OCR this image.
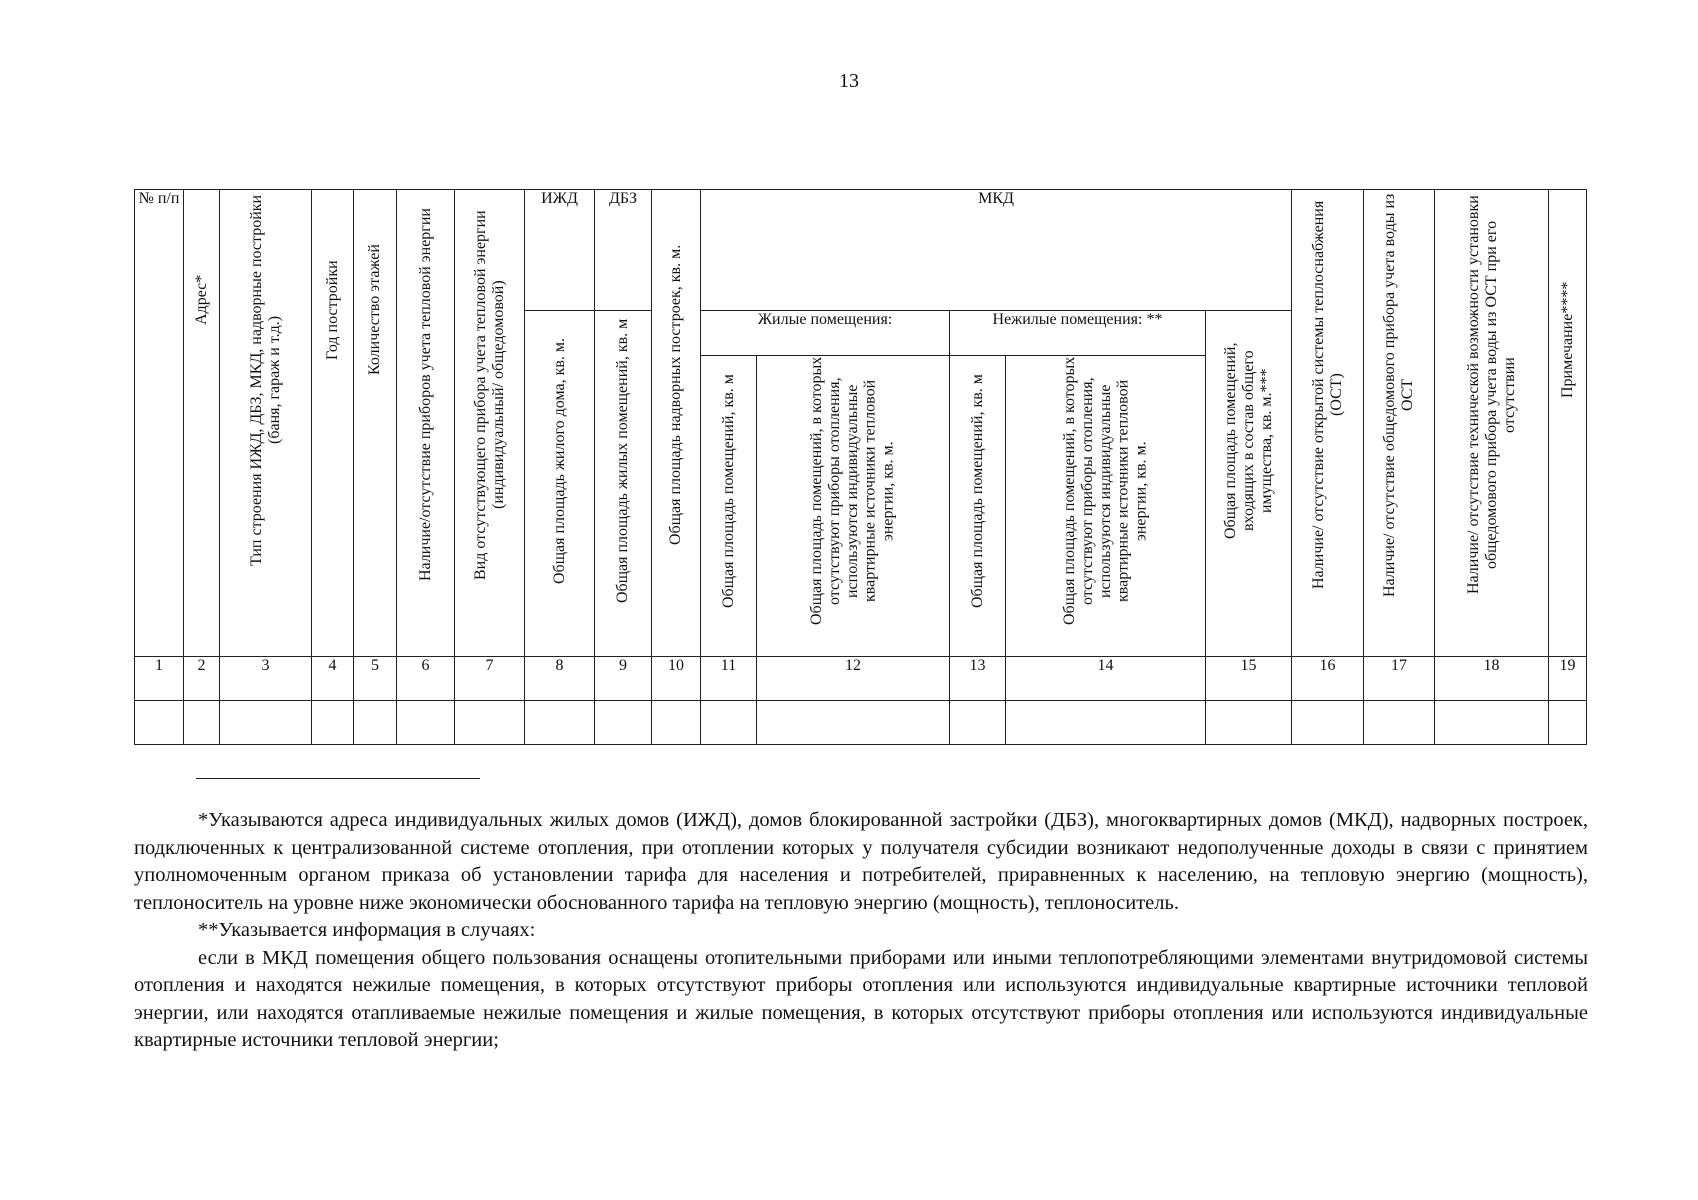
13
№ п/п	Адрес*	Тип строения ИЖД, ДБЗ, МКД, надворные постройки (баня, гараж и т.д.)	Год постройки	Количество этажей	Наличие/отсутствие приборов учета тепловой энергии	Вид отсутствующего прибора учета тепловой энергии (индивидуальный/ общедомовой)	ИЖД	ДБЗ	Общая площадь надворных построек, кв. м.	МКД					Наличие/ отсутствие открытой системы теплоснабжения (ОСТ)	Наличие/ отсутствие общедомового прибора учета воды из ОСТ	Наличие/ отсутствие технической возможности установки общедомового прибора учета воды из ОСТ при его отсутствии	Примечание****
							Общая площадь жилого дома, кв. м.	Общая площадь жилых помещений, кв. м		Жилые помещения:		Нежилые помещения: **		Общая площадь помещений, входящих в состав общего имущества, кв. м.***				
										Общая площадь помещений, кв. м	Общая площадь помещений, в которых отсутствуют приборы отопления, используются индивидуальные квартирные источники тепловой энергии, кв. м.	Общая площадь помещений, кв. м	Общая площадь помещений, в которых отсутствуют приборы отопления, используются индивидуальные квартирные источники тепловой энергии, кв. м.					
1	2	3	4	5	6	7	8	9	10	11	12	13	14	15	16	17	18	19

*Указываются адреса индивидуальных жилых домов (ИЖД), домов блокированной застройки (ДБЗ), многоквартирных домов (МКД), надворных построек, подключенных к централизованной системе отопления, при отоплении которых у получателя субсидии возникают недополученные доходы в связи с принятием уполномоченным органом приказа об установлении тарифа для населения и потребителей, приравненных к населению, на тепловую энергию (мощность), теплоноситель на уровне ниже экономически обоснованного тарифа на тепловую энергию (мощность), теплоноситель.

**Указывается информация в случаях:

если в МКД помещения общего пользования оснащены отопительными приборами или иными теплопотребляющими элементами внутридомовой системы отопления и находятся нежилые помещения, в которых отсутствуют приборы отопления или используются индивидуальные квартирные источники тепловой энергии, или находятся отапливаемые нежилые помещения и жилые помещения, в которых отсутствуют приборы отопления или используются индивидуальные квартирные источники тепловой энергии;
